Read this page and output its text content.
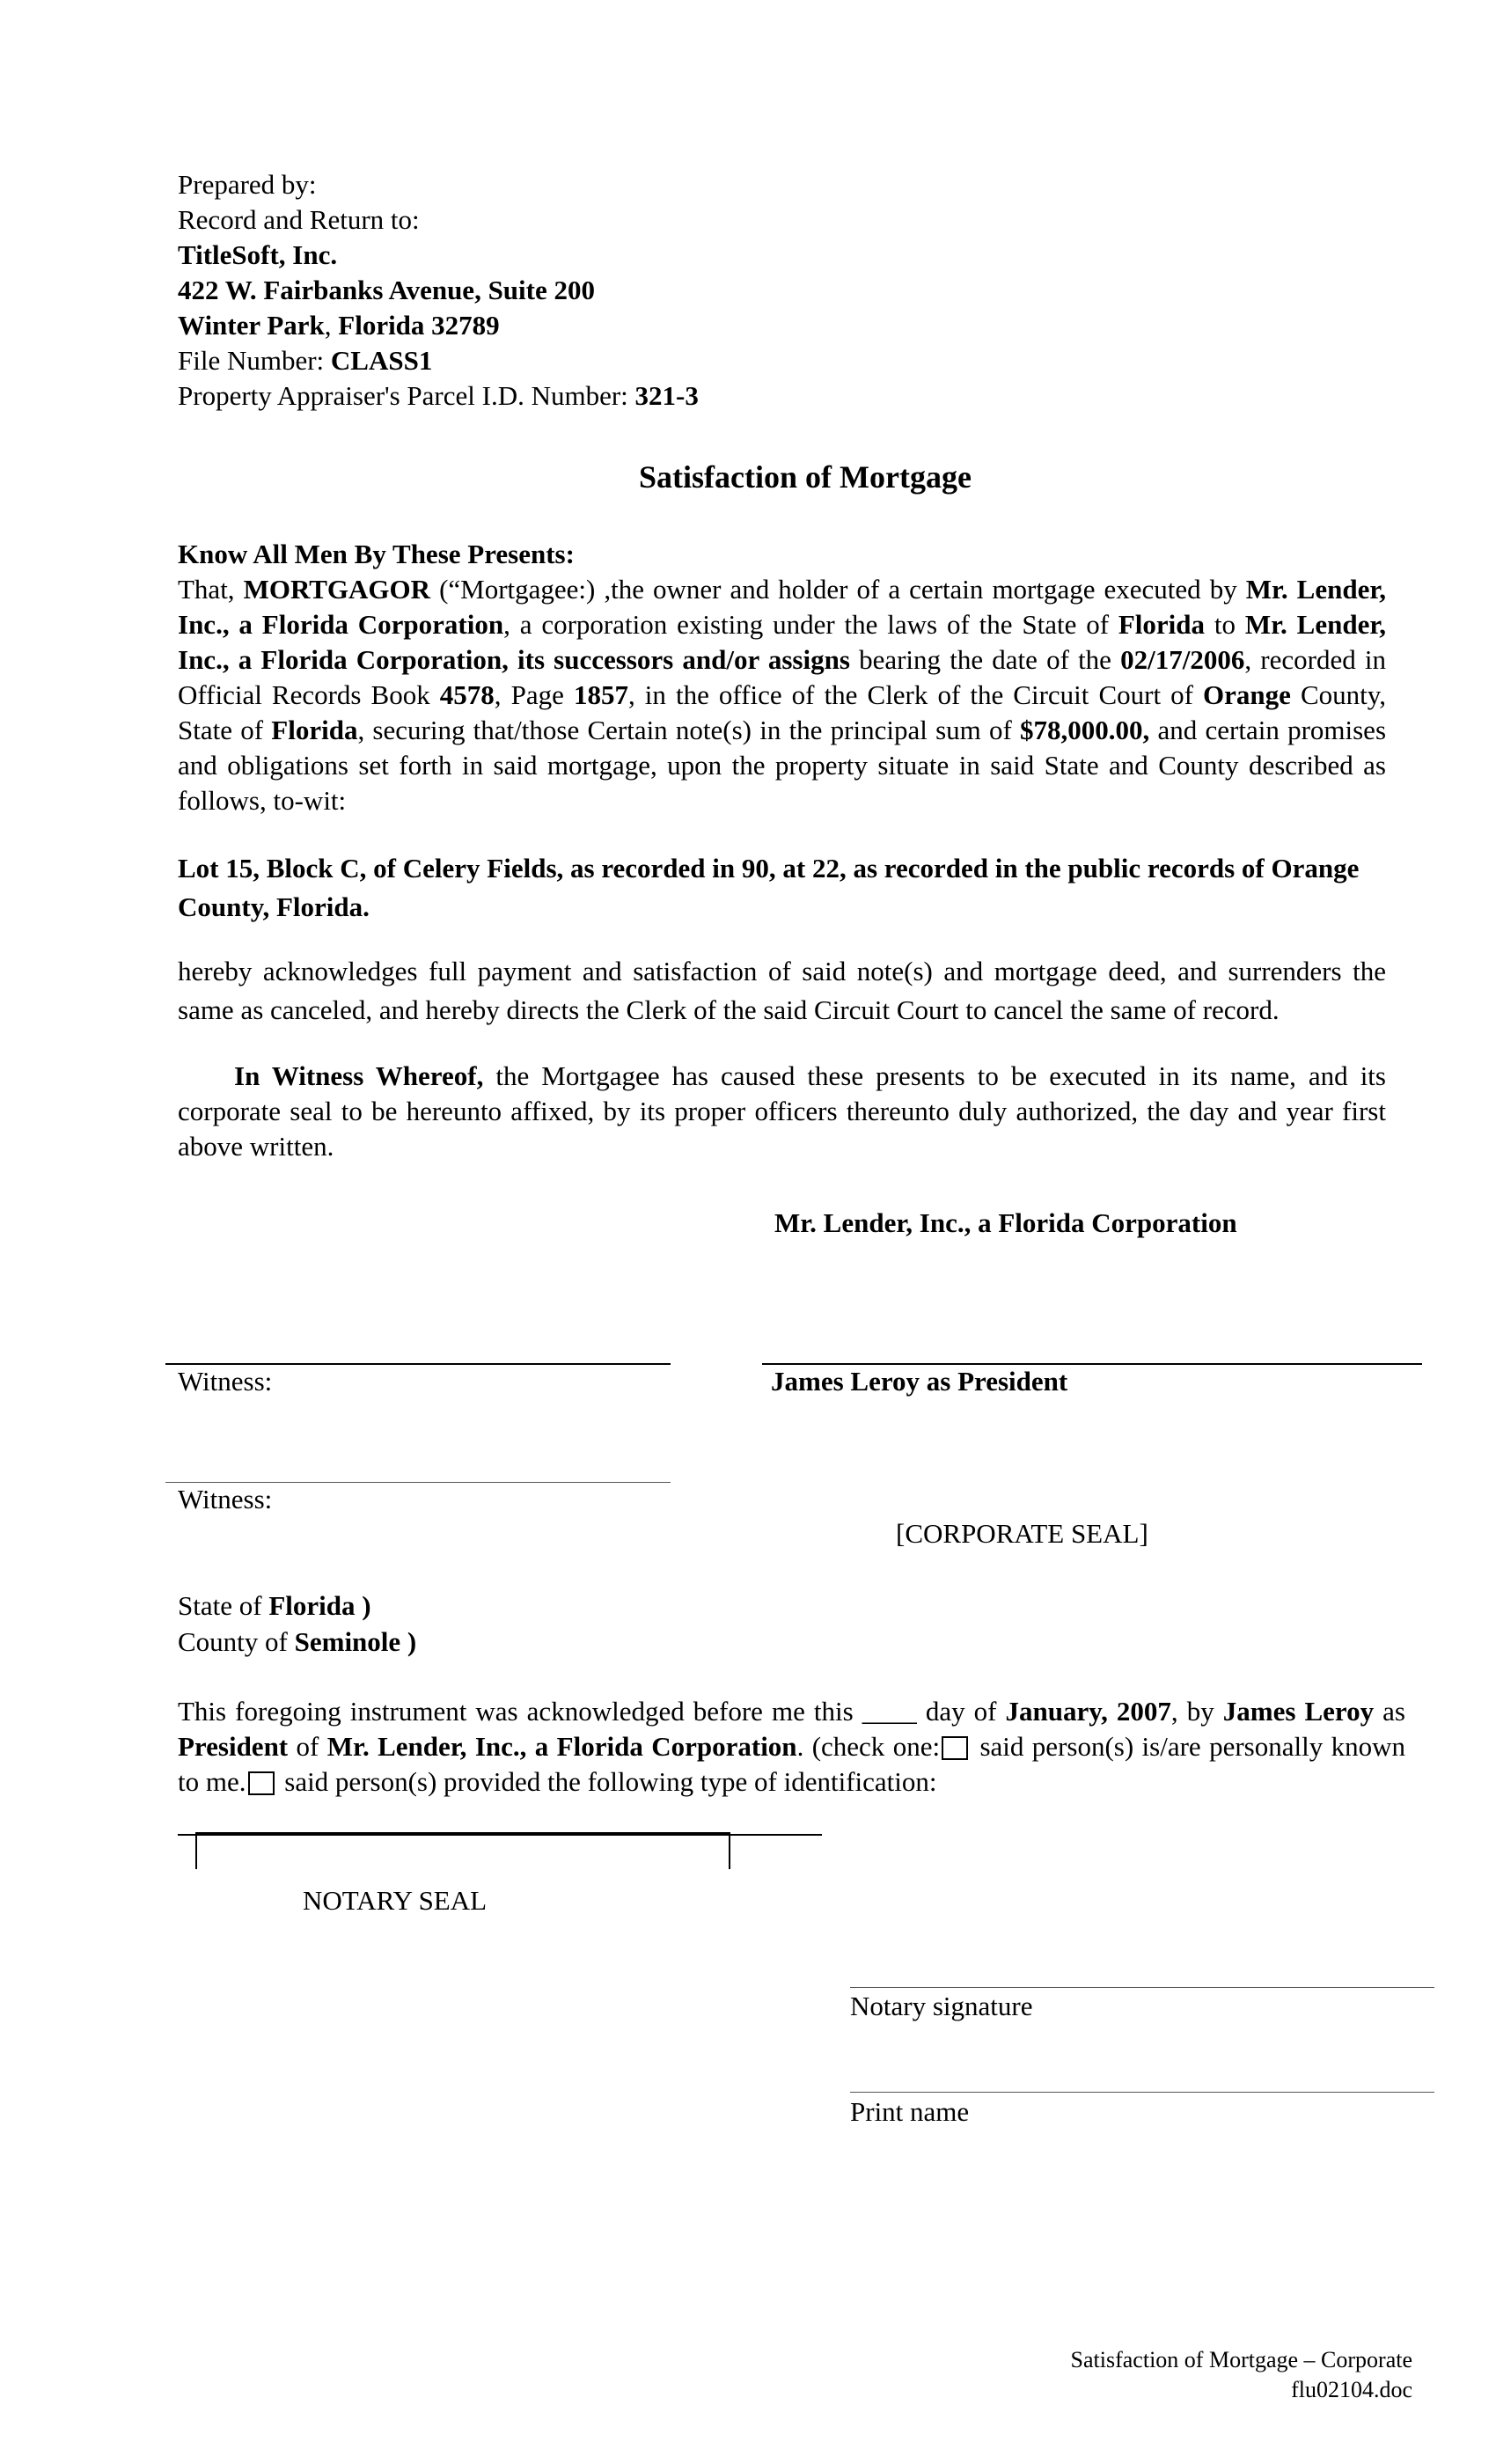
Prepared by:
Record and Return to:
TitleSoft, Inc.
422 W. Fairbanks Avenue, Suite 200
Winter Park, Florida 32789
File Number: CLASS1
Property Appraiser's Parcel I.D. Number: 321-3
Satisfaction of Mortgage
Know All Men By These Presents:
That, MORTGAGOR (“Mortgagee:) ,the owner and holder of a certain mortgage executed by Mr. Lender, Inc., a Florida Corporation, a corporation existing under the laws of the State of Florida to Mr. Lender, Inc., a Florida Corporation, its successors and/or assigns bearing the date of the 02/17/2006, recorded in Official Records Book 4578, Page 1857, in the office of the Clerk of the Circuit Court of Orange County, State of Florida, securing that/those Certain note(s) in the principal sum of $78,000.00, and certain promises and obligations set forth in said mortgage, upon the property situate in said State and County described as follows, to-wit:
Lot 15, Block C, of Celery Fields, as recorded in 90, at 22, as recorded in the public records of Orange County, Florida.
hereby acknowledges full payment and satisfaction of said note(s) and mortgage deed, and surrenders the same as canceled, and hereby directs the Clerk of the said Circuit Court to cancel the same of record.
In Witness Whereof, the Mortgagee has caused these presents to be executed in its name, and its corporate seal to be hereunto affixed, by its proper officers thereunto duly authorized, the day and year first above written.
Mr. Lender, Inc., a Florida Corporation
Witness:	James Leroy as President
Witness:
[CORPORATE SEAL]
State of Florida )
County of Seminole )
This foregoing instrument was acknowledged before me this ____ day of January, 2007, by James Leroy as President of Mr. Lender, Inc., a Florida Corporation. (check one: said person(s) is/are personally known to me. said person(s) provided the following type of identification:
NOTARY SEAL
Notary signature
Print name
Satisfaction of Mortgage – Corporate
flu02104.doc
